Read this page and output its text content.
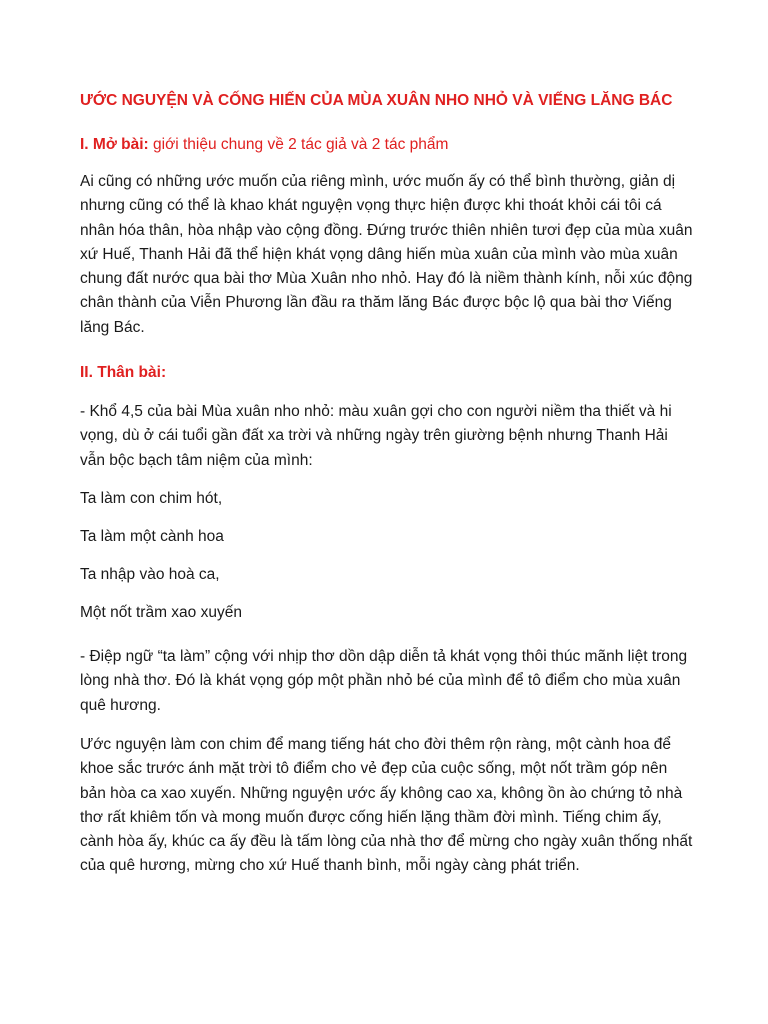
ƯỚC NGUYỆN VÀ CỐNG HIẾN CỦA MÙA XUÂN NHO NHỎ VÀ VIẾNG LĂNG BÁC
I. Mở bài: giới thiệu chung về 2 tác giả và 2 tác phẩm

Ai cũng có những ước muốn của riêng mình, ước muốn ấy có thể bình thường, giản dị nhưng cũng có thể là khao khát nguyện vọng thực hiện được khi thoát khỏi cái tôi cá nhân hóa thân, hòa nhập vào cộng đồng. Đứng trước thiên nhiên tươi đẹp của mùa xuân xứ Huế, Thanh Hải đã thể hiện khát vọng dâng hiến mùa xuân của mình vào mùa xuân chung đất nước qua bài thơ Mùa Xuân nho nhỏ. Hay đó là niềm thành kính, nỗi xúc động chân thành của Viễn Phương lần đầu ra thăm lăng Bác được bộc lộ qua bài thơ Viếng lăng Bác.

II. Thân bài:

- Khổ 4,5 của bài Mùa xuân nho nhỏ: màu xuân gợi cho con người niềm tha thiết và hi vọng, dù ở cái tuổi gần đất xa trời và những ngày trên giường bệnh nhưng Thanh Hải vẫn bộc bạch tâm niệm của mình:

Ta làm con chim hót,
Ta làm một cành hoa
Ta nhập vào hoà ca,
Một nốt trầm xao xuyến

- Điệp ngữ “ta làm” cộng với nhịp thơ dồn dập diễn tả khát vọng thôi thúc mãnh liệt trong lòng nhà thơ. Đó là khát vọng góp một phần nhỏ bé của mình để tô điểm cho mùa xuân quê hương.

Ước nguyện làm con chim để mang tiếng hát cho đời thêm rộn ràng, một cành hoa để khoe sắc trước ánh mặt trời tô điểm cho vẻ đẹp của cuộc sống, một nốt trầm góp nên bản hòa ca xao xuyến. Những nguyện ước ấy không cao xa, không ồn ào chứng tỏ nhà thơ rất khiêm tốn và mong muốn được cống hiến lặng thầm đời mình. Tiếng chim ấy, cành hòa ấy, khúc ca ấy đều là tấm lòng của nhà thơ để mừng cho ngày xuân thống nhất của quê hương, mừng cho xứ Huế thanh bình, mỗi ngày càng phát triển.
